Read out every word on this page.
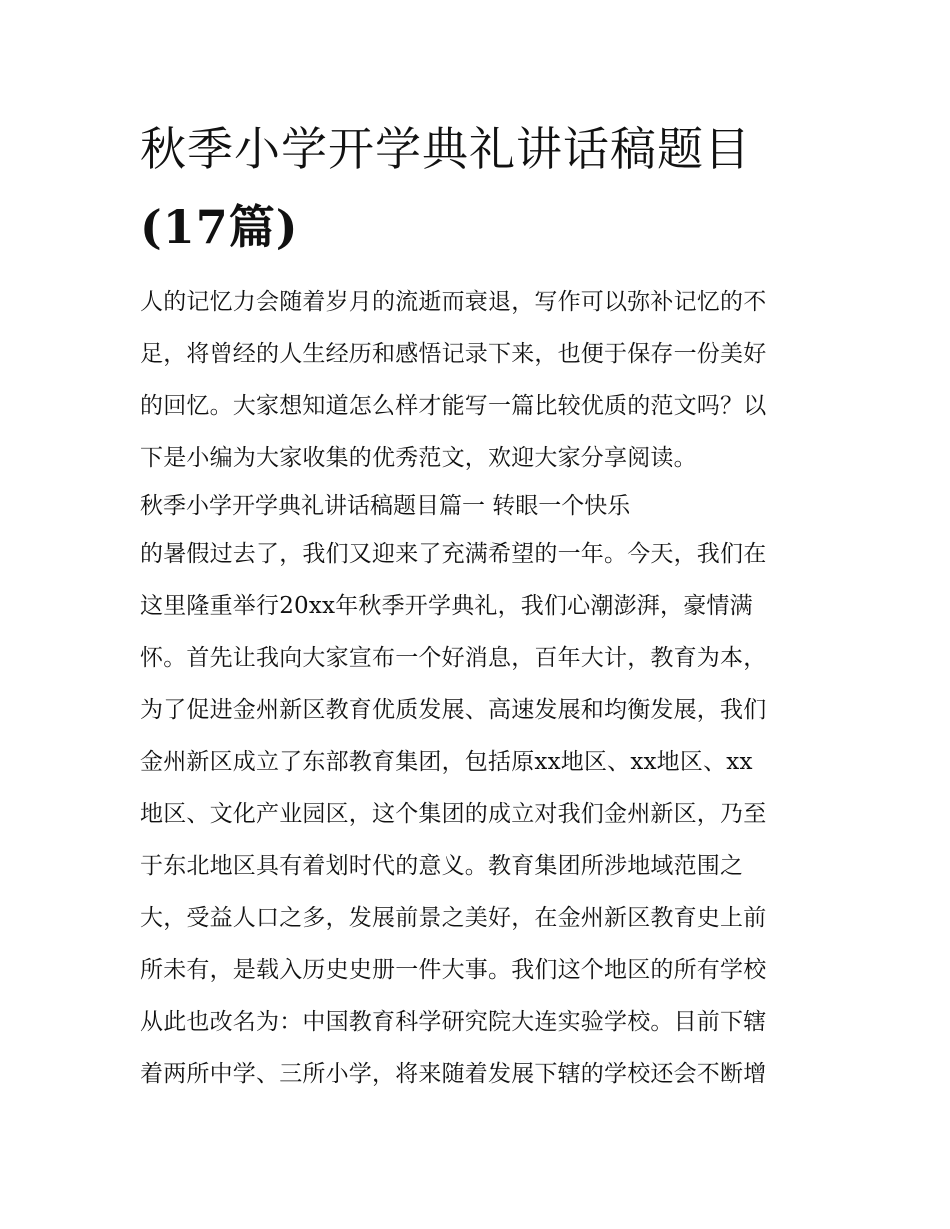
秋季小学开学典礼讲话稿题目
(17篇)
人的记忆力会随着岁月的流逝而衰退，写作可以弥补记忆的不
足，将曾经的人生经历和感悟记录下来，也便于保存一份美好
的回忆。大家想知道怎么样才能写一篇比较优质的范文吗？以
下是小编为大家收集的优秀范文，欢迎大家分享阅读。

秋季小学开学典礼讲话稿题目篇一 转眼一个快乐

的暑假过去了，我们又迎来了充满希望的一年。今天，我们在
这里隆重举行20xx年秋季开学典礼，我们心潮澎湃，豪情满
怀。首先让我向大家宣布一个好消息，百年大计，教育为本，
为了促进金州新区教育优质发展、高速发展和均衡发展，我们
金州新区成立了东部教育集团，包括原xx地区、xx地区、xx
地区、文化产业园区，这个集团的成立对我们金州新区，乃至
于东北地区具有着划时代的意义。教育集团所涉地域范围之
大，受益人口之多，发展前景之美好，在金州新区教育史上前
所未有，是载入历史史册一件大事。我们这个地区的所有学校
从此也改名为：中国教育科学研究院大连实验学校。目前下辖
着两所中学、三所小学，将来随着发展下辖的学校还会不断增
